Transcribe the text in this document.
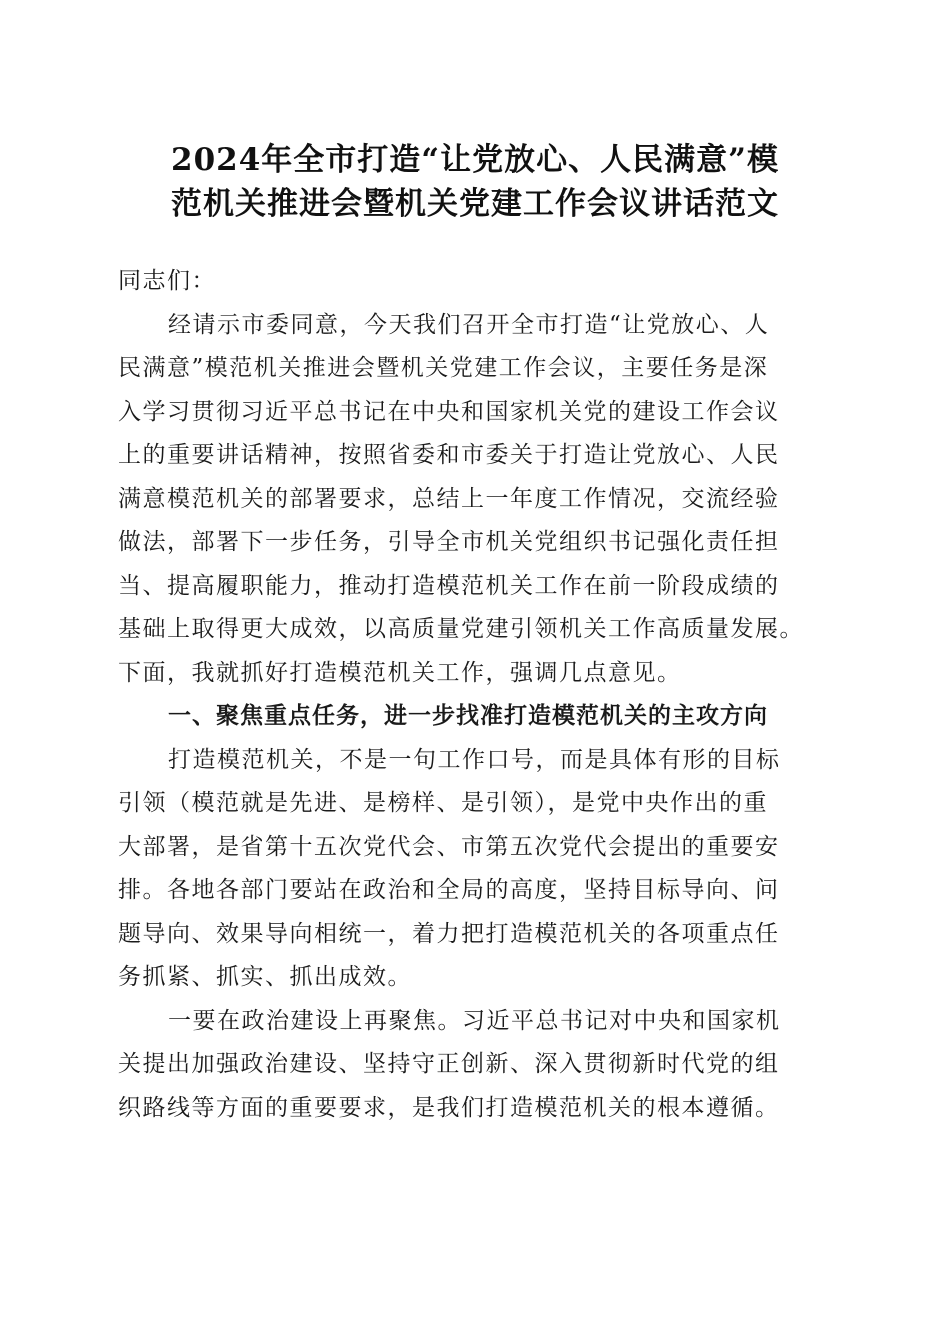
2024年全市打造“让党放心、人民满意”模
范机关推进会暨机关党建工作会议讲话范文

同志们：

经请示市委同意，今天我们召开全市打造“让党放心、人
民满意”模范机关推进会暨机关党建工作会议，主要任务是深
入学习贯彻习近平总书记在中央和国家机关党的建设工作会议
上的重要讲话精神，按照省委和市委关于打造让党放心、人民
满意模范机关的部署要求，总结上一年度工作情况，交流经验
做法，部署下一步任务，引导全市机关党组织书记强化责任担
当、提高履职能力，推动打造模范机关工作在前一阶段成绩的
基础上取得更大成效，以高质量党建引领机关工作高质量发展。
下面，我就抓好打造模范机关工作，强调几点意见。

一、聚焦重点任务，进一步找准打造模范机关的主攻方向

打造模范机关，不是一句工作口号，而是具体有形的目标
引领（模范就是先进、是榜样、是引领），是党中央作出的重
大部署，是省第十五次党代会、市第五次党代会提出的重要安
排。各地各部门要站在政治和全局的高度，坚持目标导向、问
题导向、效果导向相统一，着力把打造模范机关的各项重点任
务抓紧、抓实、抓出成效。

一要在政治建设上再聚焦。习近平总书记对中央和国家机
关提出加强政治建设、坚持守正创新、深入贯彻新时代党的组
织路线等方面的重要要求，是我们打造模范机关的根本遵循。
